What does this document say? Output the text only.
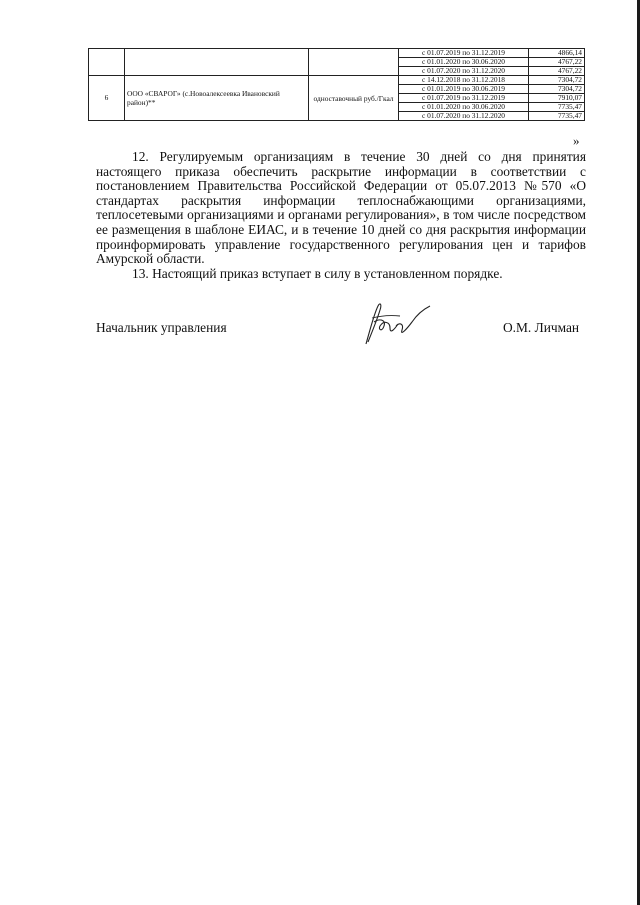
			с 01.07.2019 по 31.12.2019	4866,14
			с 01.01.2020 по 30.06.2020	4767,22
			с 01.07.2020 по 31.12.2020	4767,22
6	ООО «СВАРОГ» (с.Новоалексеевка Ивановский район)**	одноставочный руб./Гкал	с 14.12.2018 по 31.12.2018	7304,72
			с 01.01.2019 по 30.06.2019	7304,72
			с 01.07.2019 по 31.12.2019	7910,07
			с 01.01.2020 по 30.06.2020	7735,47
			с 01.07.2020 по 31.12.2020	7735,47
»

12. Регулируемым организациям в течение 30 дней со дня принятия настоящего приказа обеспечить раскрытие информации в соответствии с постановлением Правительства Российской Федерации от 05.07.2013 №570 «О стандартах раскрытия информации теплоснабжающими организациями, теплосетевыми организациями и органами регулирования», в том числе посредством ее размещения в шаблоне ЕИАС, и в течение 10 дней со дня раскрытия информации проинформировать управление государственного регулирования цен и тарифов Амурской области.

13. Настоящий приказ вступает в силу в установленном порядке.

Начальник управления	О.М. Личман
